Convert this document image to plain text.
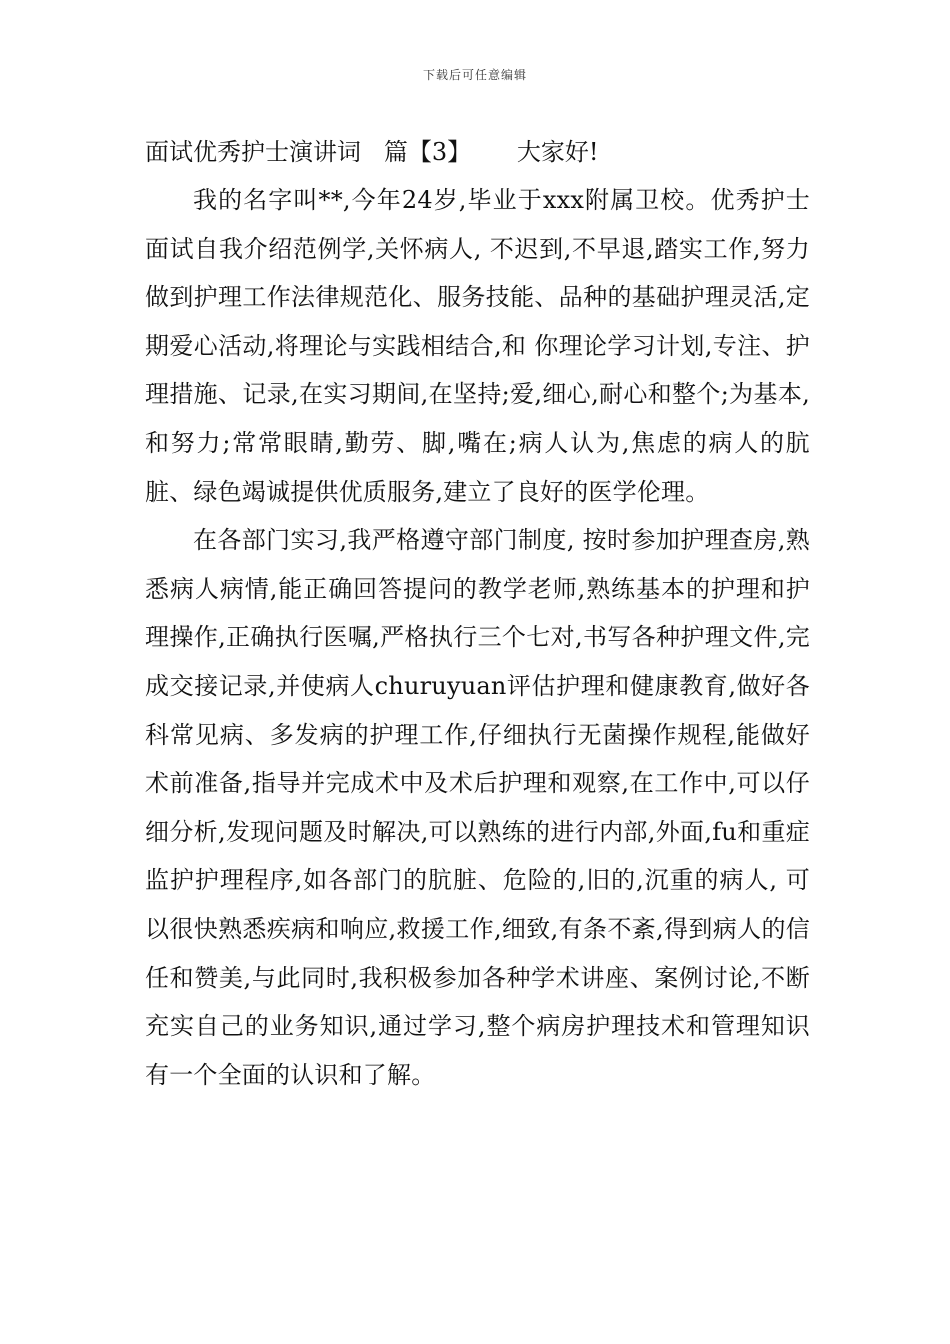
下载后可任意编辑

面试优秀护士演讲词   篇【3】      大家好!

我的名字叫**,今年24岁,毕业于xxx附属卫校。优秀护士面试自我介绍范例学,关怀病人, 不迟到,不早退,踏实工作,努力做到护理工作法律规范化、服务技能、品种的基础护理灵活,定期爱心活动,将理论与实践相结合,和 你理论学习计划,专注、护理措施、记录,在实习期间,在坚持;爱,细心,耐心和整个;为基本,和努力;常常眼睛,勤劳、脚,嘴在;病人认为,焦虑的病人的肮脏、绿色竭诚提供优质服务,建立了良好的医学伦理。

在各部门实习,我严格遵守部门制度, 按时参加护理查房,熟悉病人病情,能正确回答提问的教学老师,熟练基本的护理和护理操作,正确执行医嘱,严格执行三个七对,书写各种护理文件,完成交接记录,并使病人churuyuan评估护理和健康教育,做好各科常见病、多发病的护理工作,仔细执行无菌操作规程,能做好术前准备,指导并完成术中及术后护理和观察,在工作中,可以仔细分析,发现问题及时解决,可以熟练的进行内部,外面,fu和重症监护护理程序,如各部门的肮脏、危险的,旧的,沉重的病人, 可以很快熟悉疾病和响应,救援工作,细致,有条不紊,得到病人的信任和赞美,与此同时,我积极参加各种学术讲座、案例讨论,不断充实自己的业务知识,通过学习,整个病房护理技术和管理知识有一个全面的认识和了解。
